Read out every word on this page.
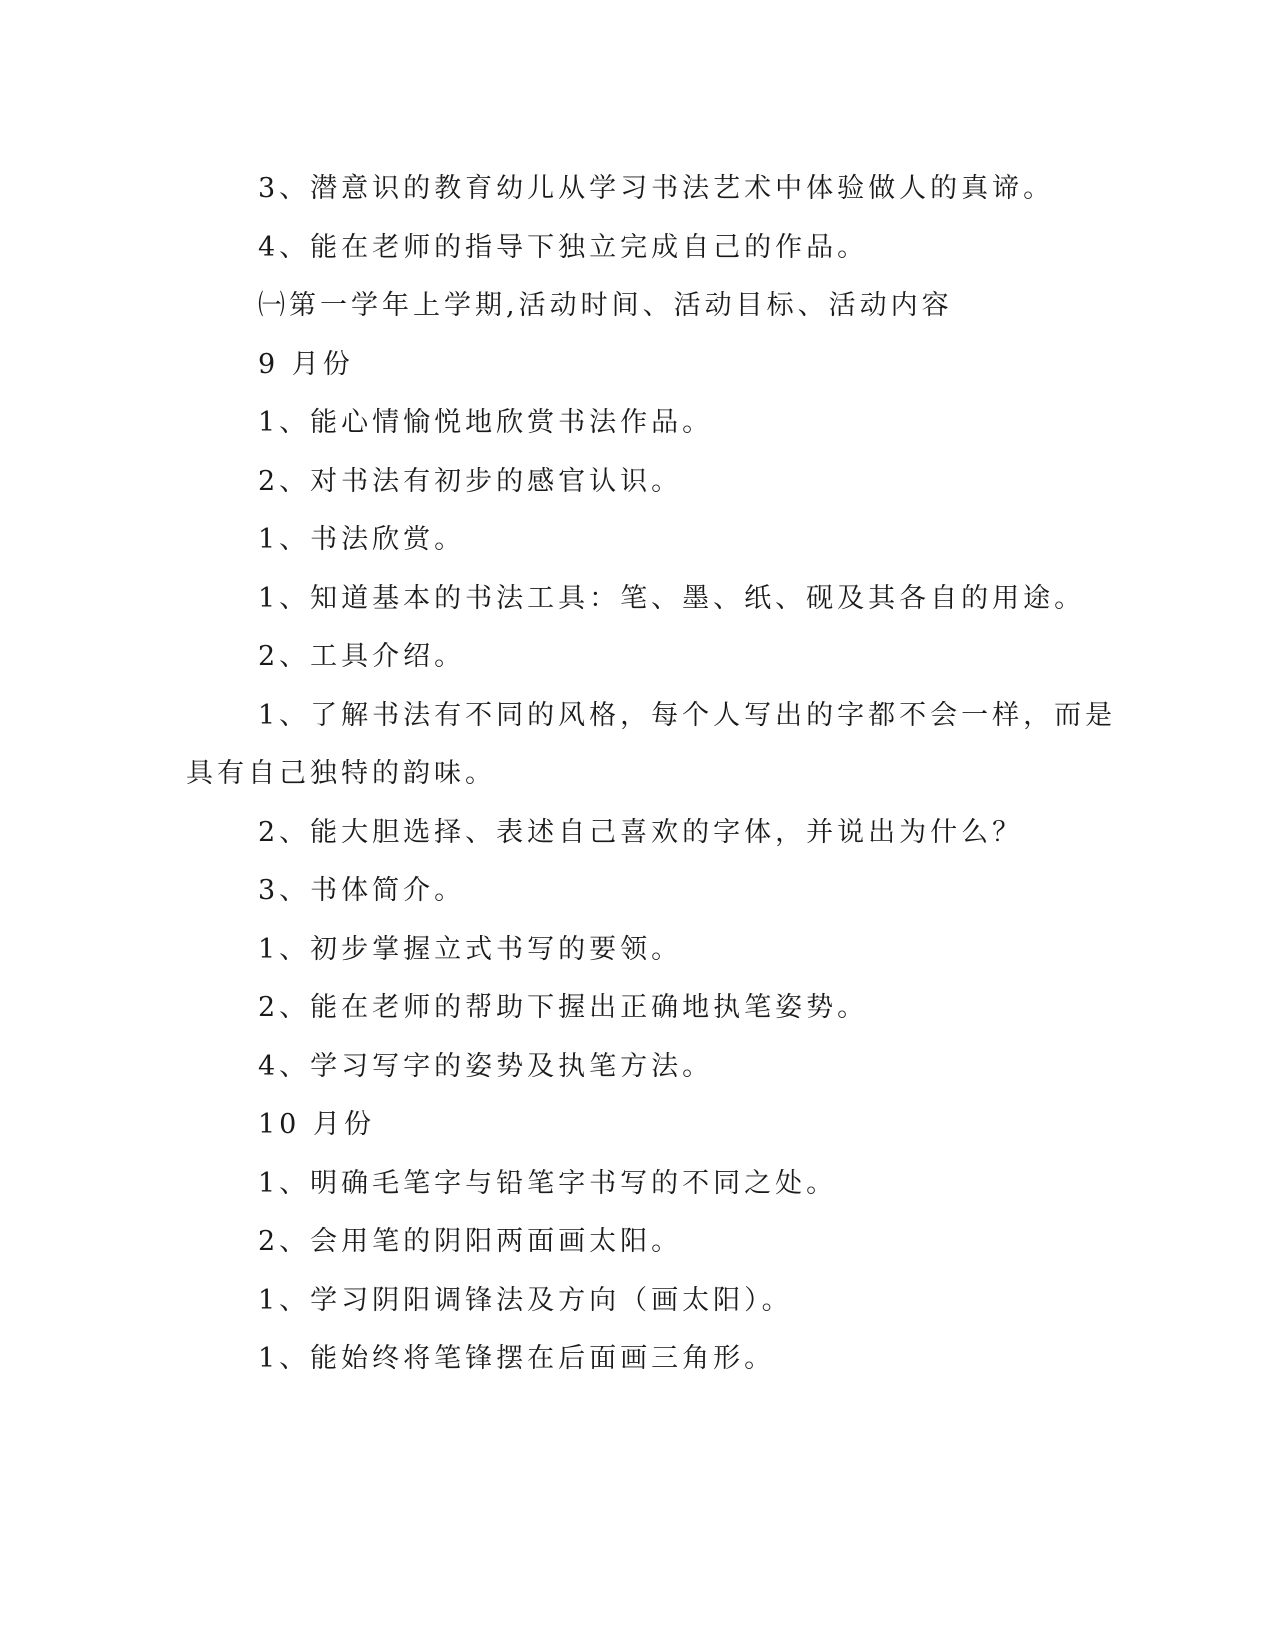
3、潜意识的教育幼儿从学习书法艺术中体验做人的真谛。

4、能在老师的指导下独立完成自己的作品。

㈠第一学年上学期,活动时间、活动目标、活动内容

9 月份

1、能心情愉悦地欣赏书法作品。

2、对书法有初步的感官认识。

1、书法欣赏。

1、知道基本的书法工具：笔、墨、纸、砚及其各自的用途。

2、工具介绍。

1、了解书法有不同的风格，每个人写出的字都不会一样，而是

具有自己独特的韵味。

2、能大胆选择、表述自己喜欢的字体，并说出为什么？

3、书体简介。

1、初步掌握立式书写的要领。

2、能在老师的帮助下握出正确地执笔姿势。

4、学习写字的姿势及执笔方法。

10 月份

1、明确毛笔字与铅笔字书写的不同之处。

2、会用笔的阴阳两面画太阳。

1、学习阴阳调锋法及方向（画太阳）。

1、能始终将笔锋摆在后面画三角形。
